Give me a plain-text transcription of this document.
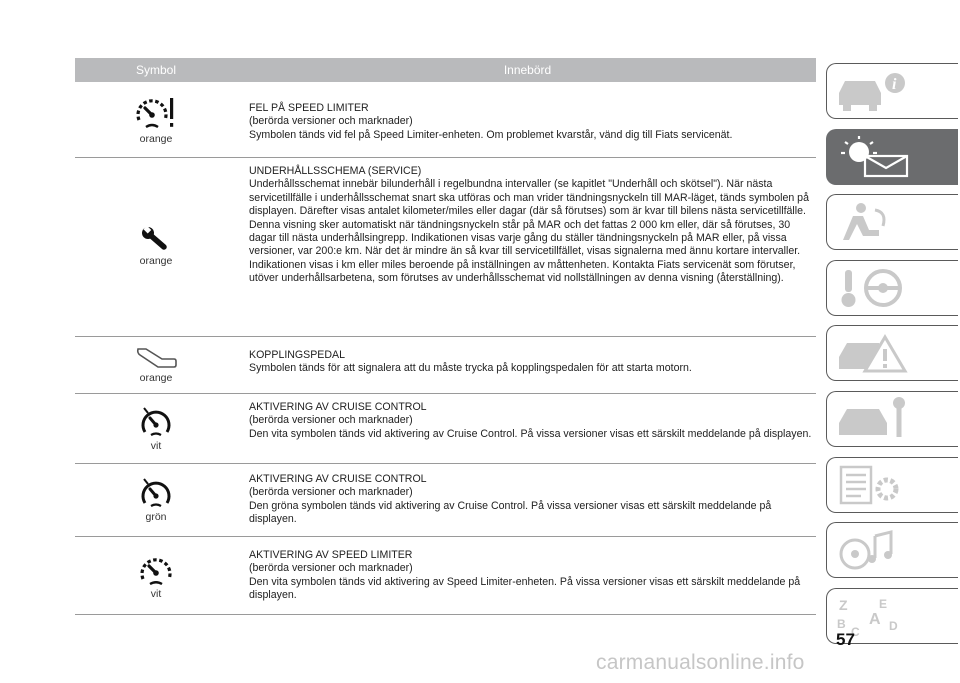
Symbol	Innebörd
orange

FEL PÅ SPEED LIMITER

(berörda versioner och marknader)

Symbolen tänds vid fel på Speed Limiter-enheten. Om problemet kvarstår, vänd dig till Fiats servicenät.

orange

UNDERHÅLLSSCHEMA (SERVICE)

Underhållsschemat innebär bilunderhåll i regelbundna intervaller (se kapitlet "Underhåll och skötsel"). När nästa servicetillfälle i underhållsschemat snart ska utföras och man vrider tändningsnyckeln till MAR-läget, tänds symbolen på displayen. Därefter visas antalet kilometer/miles eller dagar (där så förutses) som är kvar till bilens nästa servicetillfälle.

Denna visning sker automatiskt när tändningsnyckeln står på MAR och det fattas 2 000 km eller, där så förutses, 30 dagar till nästa underhållsingrepp. Indikationen visas varje gång du ställer tändningsnyckeln på MAR eller, på vissa versioner, var 200:e km. När det är mindre än så kvar till servicetillfället, visas signalerna med ännu kortare intervaller. Indikationen visas i km eller miles beroende på inställningen av måttenheten. Kontakta Fiats servicenät som förutser, utöver underhållsarbetena, som förutses av underhållsschemat vid nollställningen av denna visning (återställning).

orange

KOPPLINGSPEDAL

Symbolen tänds för att signalera att du måste trycka på kopplingspedalen för att starta motorn.

vit

AKTIVERING AV CRUISE CONTROL

(berörda versioner och marknader)

Den vita symbolen tänds vid aktivering av Cruise Control. På vissa versioner visas ett särskilt meddelande på displayen.

grön

AKTIVERING AV CRUISE CONTROL

(berörda versioner och marknader)

Den gröna symbolen tänds vid aktivering av Cruise Control. På vissa versioner visas ett särskilt meddelande på displayen.

vit

AKTIVERING AV SPEED LIMITER

(berörda versioner och marknader)

Den vita symbolen tänds vid aktivering av Speed Limiter-enheten. På vissa versioner visas ett särskilt meddelande på displayen.

i
Z	E
B A
C D
57
carmanualsonline.info
